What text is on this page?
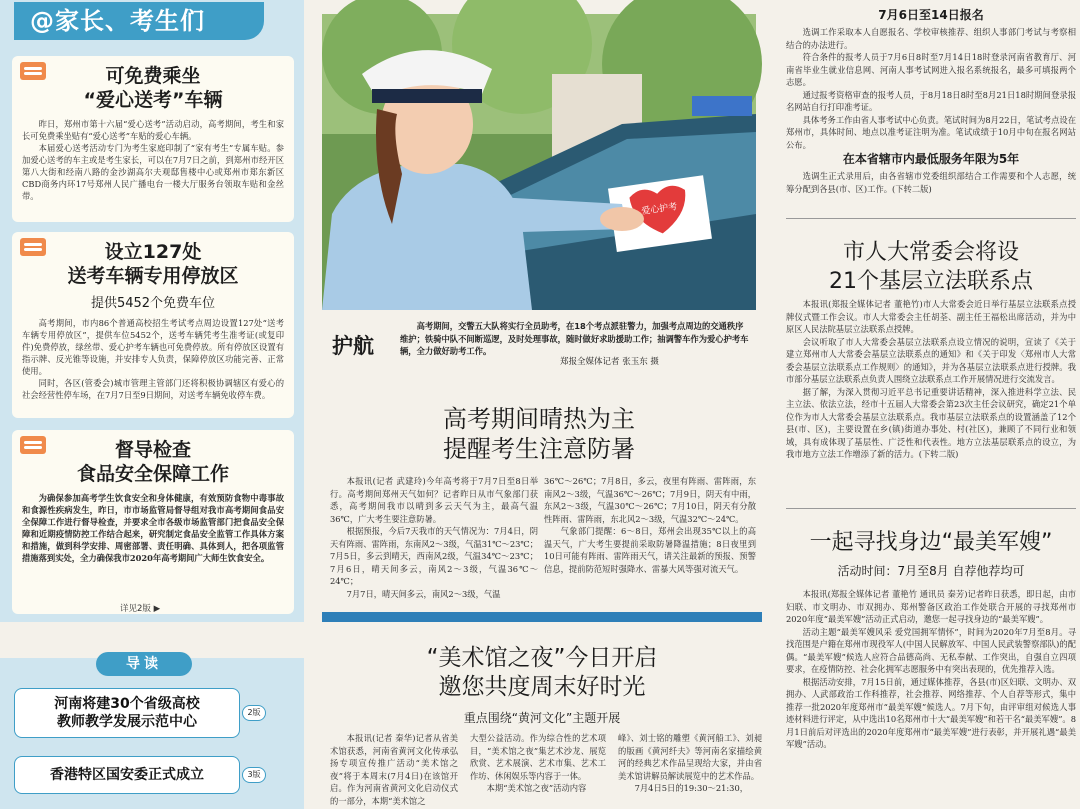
@家长、考生们
可免费乘坐
“爱心送考”车辆

昨日，郑州市第十六届“爱心送考”活动启动，高考期间，考生和家长可免费乘坐贴有“爱心送考”车贴的爱心车辆。

本届爱心送考活动专门为考生家庭印制了“家有考生”专属车贴。参加爱心送考的车主或是考生家长，可以在7月7日之前，到郑州市经开区第八大街和经南八路的金沙湖高尔夫观邸售楼中心或郑州市郑东新区CBD商务内环17号郑州人民广播电台一楼大厅服务台领取车贴和金丝带。

设立127处
送考车辆专用停放区
提供5452个免费车位

高考期间，市内86个普通高校招生考试考点周边设置127处“送考车辆专用停放区”，提供车位5452个，送考车辆凭考生准考证(或复印件)免费停放，绿丝带、爱心护考车辆也可免费停放。所有停放区设置有指示牌、反光锥等设施，并安排专人负责，保障停放区功能完善、正常使用。

同时，各区(管委会)城市管理主管部门还将积极协调辖区有爱心的社会经营性停车场，在7月7日至9日期间，对送考车辆免收停车费。

督导检查
食品安全保障工作

为确保参加高考学生饮食安全和身体健康，有效预防食物中毒事故和食源性疾病发生，昨日，市市场监管局督导组对我市高考期间食品安全保障工作进行督导检查，并要求全市各级市场监管部门把食品安全保障和近期疫情防控工作结合起来，研究制定食品安全监管工作具体方案和措施，做到科学安排、周密部署、责任明确、具体到人，把各项监管措施落到实处，全力确保我市2020年高考期间广大师生饮食安全。

详见2版 ▶
导读
河南将建30个省级高校
教师教学发展示范中心
2版
香港特区国安委正式成立	3版
爱心护考
护航
高考期间，交警五大队将实行全员助考，在18个考点派驻警力，加强考点周边的交通秩序维护；铁骑中队不间断巡逻，及时处理事故，随时做好求助援助工作；抽调警车作为爱心护考车辆，全力做好助考工作。
郑报全媒体记者 张玉东 摄
高考期间晴热为主
提醒考生注意防暑

本报讯(记者 武建玲)今年高考将于7月7日至8日举行。高考期间郑州天气如何？记者昨日从市气象部门获悉，高考期间我市以晴到多云天气为主，最高气温36℃，广大考生要注意防暑。

根据预报，今后7天我市的天气情况为：7月4日，阴天有阵雨、雷阵雨，东南风2～3级，气温31℃～23℃；7月5日，多云到晴天，西南风2级，气温34℃～23℃；7月6日，晴天间多云，南风2～3级，气温36℃～24℃；

7月7日，晴天间多云，南风2～3级，气温

36℃～26℃；7月8日，多云，夜里有阵雨、雷阵雨，东南风2～3级，气温36℃～26℃；7月9日，阴天有中雨，东风2～3级，气温30℃～26℃；7月10日，阴天有分散性阵雨、雷阵雨，东北风2～3级，气温32℃～24℃。

气象部门提醒：6～8日，郑州会出现35℃以上的高温天气，广大考生要提前采取防暑降温措施；8日夜里到10日可能有阵雨、雷阵雨天气，请关注最新的预报、预警信息，提前防范短时强降水、雷暴大风等强对流天气。

“美术馆之夜”今日开启
邀您共度周末好时光
重点围绕“黄河文化”主题开展

本报讯(记者 秦华)记者从省美术馆获悉，河南省黄河文化传承弘扬专项宣传推广活动“美术馆之夜”将于本周末(7月4日)在该馆开启。作为河南省黄河文化启动仪式的一部分，本期“美术馆之

大型公益活动。作为综合性的艺术项目，“美术馆之夜”集艺术沙龙、展览欣赏、艺术展演、艺术市集、艺术工作坊、休闲娱乐等内容于一体。

本期“美术馆之夜”活动内容

峰》、刘士铭的雕塑《黄河船工》、刘昶的版画《黄河纤夫》等河南名家描绘黄河的经典艺术作品呈现给大家，并由省美术馆讲解员解读展览中的艺术作品。

7月4日5日的19:30～21:30，

7月6日至14日报名

选调工作采取本人自愿报名、学校审核推荐、组织人事部门考试与考察相结合的办法进行。

符合条件的报考人员于7月6日8时至7月14日18时登录河南省教育厅、河南省毕业生就业信息网、河南人事考试网进入报名系统报名，最多可填报两个志愿。

通过报考资格审查的报考人员，于8月18日8时至8月21日18时期间登录报名网站自行打印准考证。

具体考务工作由省人事考试中心负责。笔试时间为8月22日，笔试考点设在郑州市，具体时间、地点以准考证注明为准。笔试成绩于10月中旬在报名网站公布。

在本省辖市内最低服务年限为5年

选调生正式录用后，由各省辖市党委组织部结合工作需要和个人志愿，统筹分配到各县(市、区)工作。(下转二版)

市人大常委会将设
21个基层立法联系点

本报讯(郑报全媒体记者 董艳竹)市人大常委会近日举行基层立法联系点授牌仪式暨工作会议。市人大常委会主任胡荃、副主任王福松出席活动，并为中原区人民法院基层立法联系点授牌。

会议听取了市人大常委会基层立法联系点设立情况的说明，宣读了《关于建立郑州市人大常委会基层立法联系点的通知》和《关于印发〈郑州市人大常委会基层立法联系点工作规则〉的通知》，并为各基层立法联系点进行授牌。我市部分基层立法联系点负责人围绕立法联系点工作开展情况进行交流发言。

据了解，为深入贯彻习近平总书记重要讲话精神，深入推进科学立法、民主立法、依法立法，经市十五届人大常委会第23次主任会议研究，确定21个单位作为市人大常委会基层立法联系点。我市基层立法联系点的设置涵盖了12个县(市、区)，主要设置在乡(镇)街道办事处、村(社区)，兼顾了不同行业和领域，具有成体现了基层性、广泛性和代表性。地方立法基层联系点的设立，为我市地方立法工作增添了新的活力。(下转二版)

一起寻找身边“最美军嫂”
活动时间：7月至8月 自荐他荐均可

本报讯(郑报全媒体记者 董艳竹 通讯员 秦芳)记者昨日获悉，即日起，由市妇联、市文明办、市双拥办、郑州警备区政治工作处联合开展的寻找郑州市2020年度“最美军嫂”活动正式启动，邀您一起寻找身边的“最美军嫂”。

活动主题“最美军嫂风采 爱党国拥军情怀”，时间为2020年7月至8月。寻找范围是户籍在郑州市现役军人(中国人民解放军、中国人民武装警察部队)的配偶。“最美军嫂”候选人应符合品德高尚、无私奉献、工作突出，自强自立四项要求，在疫情防控、社会化拥军志愿服务中有突出表现的，优先推荐入选。

根据活动安排，7月15日前，通过媒体推荐，各县(市)区妇联、文明办、双拥办、人武部政治工作科推荐，社会推荐、网络推荐、个人自荐等形式，集中推荐一批2020年度郑州市“最美军嫂”候选人。7月下旬，由评审组对候选人事迹材料进行评定，从中选出10名郑州市十大“最美军嫂”和若干名“最美军嫂”。8月1日前后对评选出的2020年度郑州市“最美军嫂”进行表彰，并开展礼遇“最美军嫂”活动。
